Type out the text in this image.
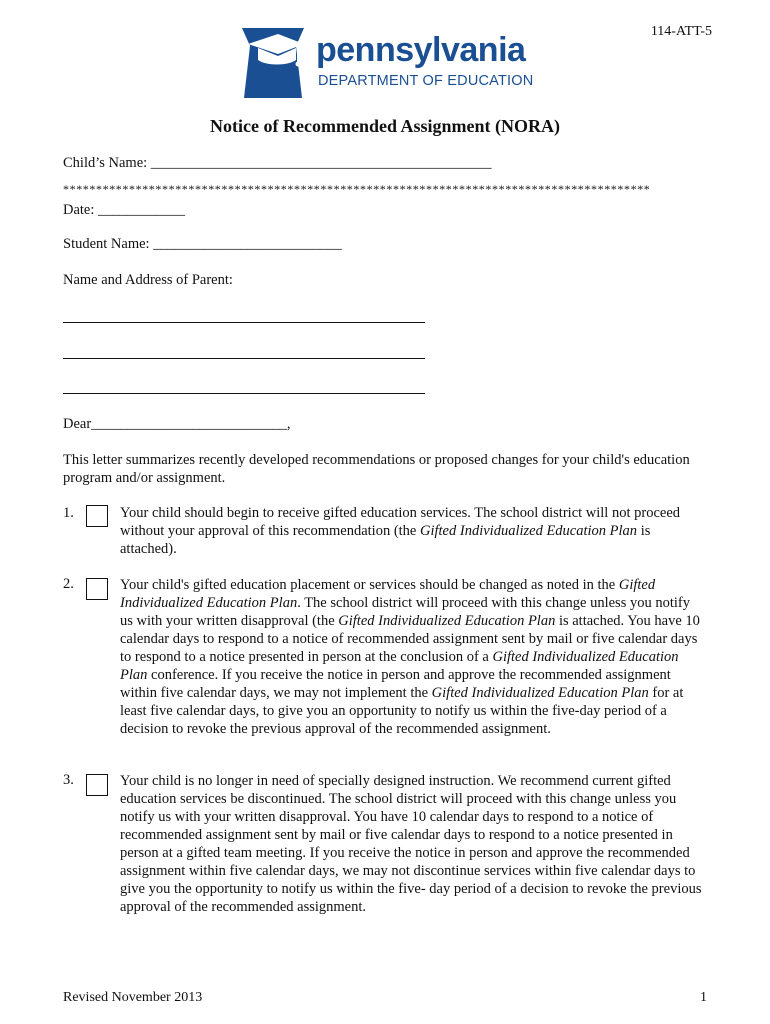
114-ATT-5
pennsylvania
DEPARTMENT OF EDUCATION
Notice of Recommended Assignment (NORA)
Child’s Name: _______________________________________________
*****************************************************************************************
Date: ____________
Student Name: __________________________
Name and Address of Parent:
Dear___________________________,
This letter summarizes recently developed recommendations or proposed changes for your child's education program and/or assignment.
1.	Your child should begin to receive gifted education services. The school district will not proceed without your approval of this recommendation (the Gifted Individualized Education Plan is attached).
2.	Your child's gifted education placement or services should be changed as noted in the Gifted Individualized Education Plan. The school district will proceed with this change unless you notify us with your written disapproval (the Gifted Individualized Education Plan is attached. You have 10 calendar days to respond to a notice of recommended assignment sent by mail or five calendar days to respond to a notice presented in person at the conclusion of a Gifted Individualized Education Plan conference. If you receive the notice in person and approve the recommended assignment within five calendar days, we may not implement the Gifted Individualized Education Plan for at least five calendar days, to give you an opportunity to notify us within the five-day period of a decision to revoke the previous approval of the recommended assignment.
3.	Your child is no longer in need of specially designed instruction. We recommend current gifted education services be discontinued. The school district will proceed with this change unless you notify us with your written disapproval. You have 10 calendar days to respond to a notice of recommended assignment sent by mail or five calendar days to respond to a notice presented in person at a gifted team meeting. If you receive the notice in person and approve the recommended assignment within five calendar days, we may not discontinue services within five calendar days to give you the opportunity to notify us within the five- day period of a decision to revoke the previous approval of the recommended assignment.
Revised November 2013	1
